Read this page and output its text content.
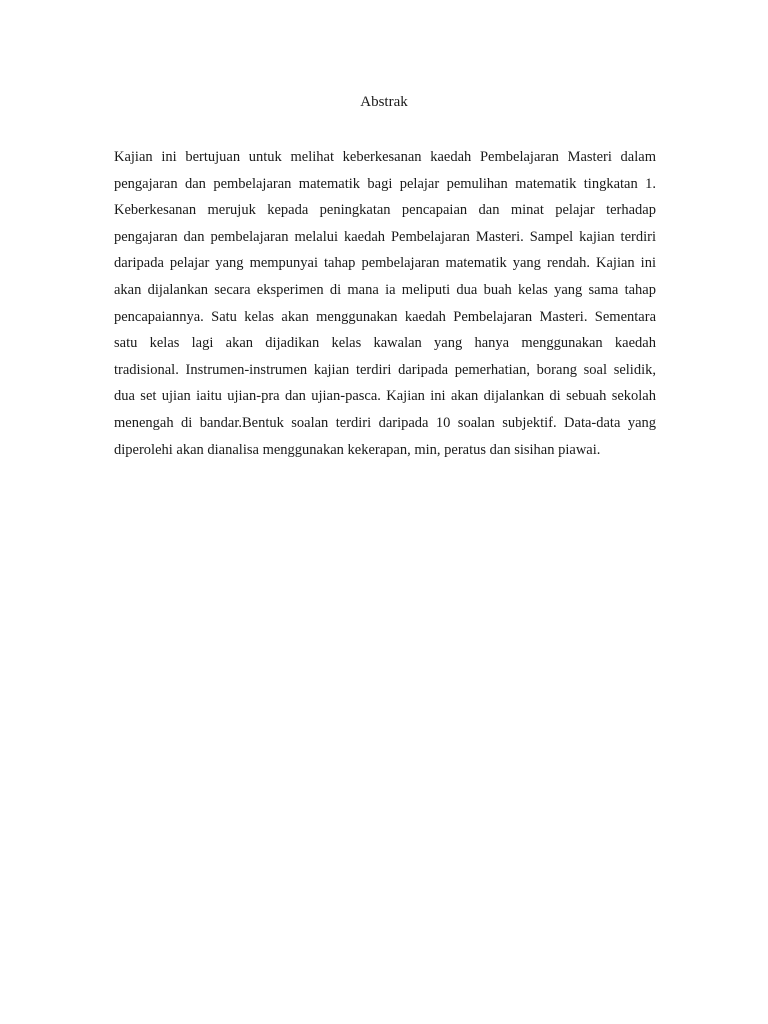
Abstrak
Kajian ini bertujuan untuk melihat keberkesanan kaedah Pembelajaran Masteri dalam
pengajaran dan pembelajaran matematik bagi pelajar pemulihan matematik tingkatan 1.
Keberkesanan merujuk kepada peningkatan pencapaian dan minat pelajar terhadap
pengajaran dan pembelajaran melalui kaedah Pembelajaran Masteri. Sampel kajian terdiri
daripada pelajar yang mempunyai tahap pembelajaran matematik yang rendah. Kajian ini
akan dijalankan secara eksperimen di mana ia meliputi dua buah kelas yang sama tahap
pencapaiannya. Satu kelas akan menggunakan kaedah Pembelajaran Masteri. Sementara
satu kelas lagi akan dijadikan kelas kawalan yang hanya menggunakan kaedah
tradisional. Instrumen-instrumen kajian terdiri daripada pemerhatian, borang soal selidik,
dua set ujian iaitu ujian-pra dan ujian-pasca. Kajian ini akan dijalankan di sebuah sekolah
menengah di bandar.Bentuk soalan terdiri daripada 10 soalan subjektif. Data-data yang
diperolehi akan dianalisa menggunakan kekerapan, min, peratus dan sisihan piawai.
